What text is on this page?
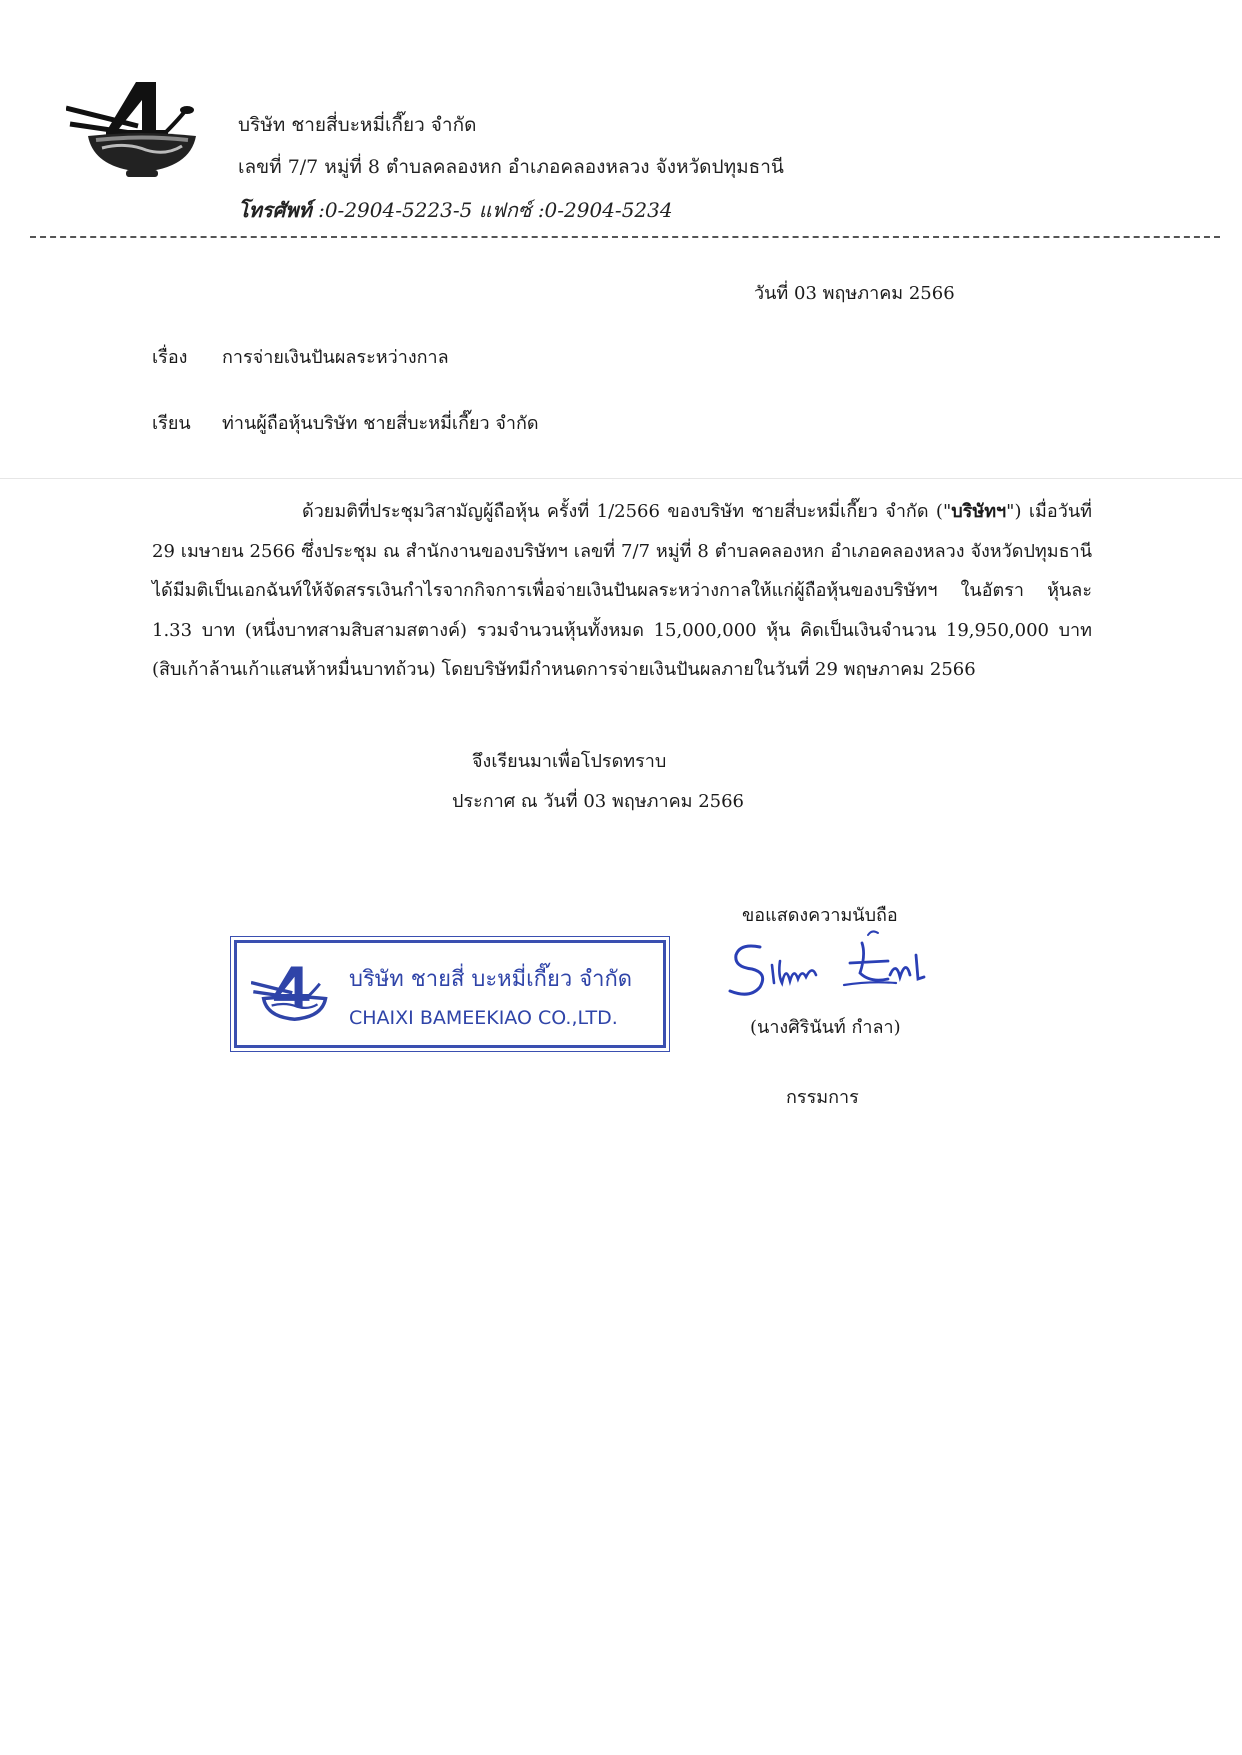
บริษัท ชายสี่บะหมี่เกี๊ยว จำกัด
เลขที่ 7/7 หมู่ที่ 8 ตำบลคลองหก อำเภอคลองหลวง จังหวัดปทุมธานี
โทรศัพท์ :0-2904-5223-5 แฟกซ์ :0-2904-5234
วันที่ 03 พฤษภาคม 2566
เรื่อง การจ่ายเงินปันผลระหว่างกาล
เรียน ท่านผู้ถือหุ้นบริษัท ชายสี่บะหมี่เกี๊ยว จำกัด

ด้วยมติที่ประชุมวิสามัญผู้ถือหุ้น ครั้งที่ 1/2566 ของบริษัท ชายสี่บะหมี่เกี๊ยว จำกัด ("บริษัทฯ") เมื่อวันที่ 29 เมษายน 2566 ซึ่งประชุม ณ สำนักงานของบริษัทฯ เลขที่ 7/7 หมู่ที่ 8 ตำบลคลองหก อำเภอคลองหลวง จังหวัดปทุมธานี ได้มีมติเป็นเอกฉันท์ให้จัดสรรเงินกำไรจากกิจการเพื่อจ่ายเงินปันผลระหว่างกาลให้แก่ผู้ถือหุ้นของบริษัทฯ ในอัตรา หุ้นละ 1.33 บาท (หนึ่งบาทสามสิบสามสตางค์) รวมจำนวนหุ้นทั้งหมด 15,000,000 หุ้น คิดเป็นเงินจำนวน 19,950,000 บาท (สิบเก้าล้านเก้าแสนห้าหมื่นบาทถ้วน) โดยบริษัทมีกำหนดการจ่ายเงินปันผลภายในวันที่ 29 พฤษภาคม 2566

จึงเรียนมาเพื่อโปรดทราบ
ประกาศ ณ วันที่ 03 พฤษภาคม 2566
ขอแสดงความนับถือ
(นางศิรินันท์ กำลา)
กรรมการ
บริษัท ชายสี่ บะหมี่เกี๊ยว จำกัด
CHAIXI BAMEEKIAO CO.,LTD.
